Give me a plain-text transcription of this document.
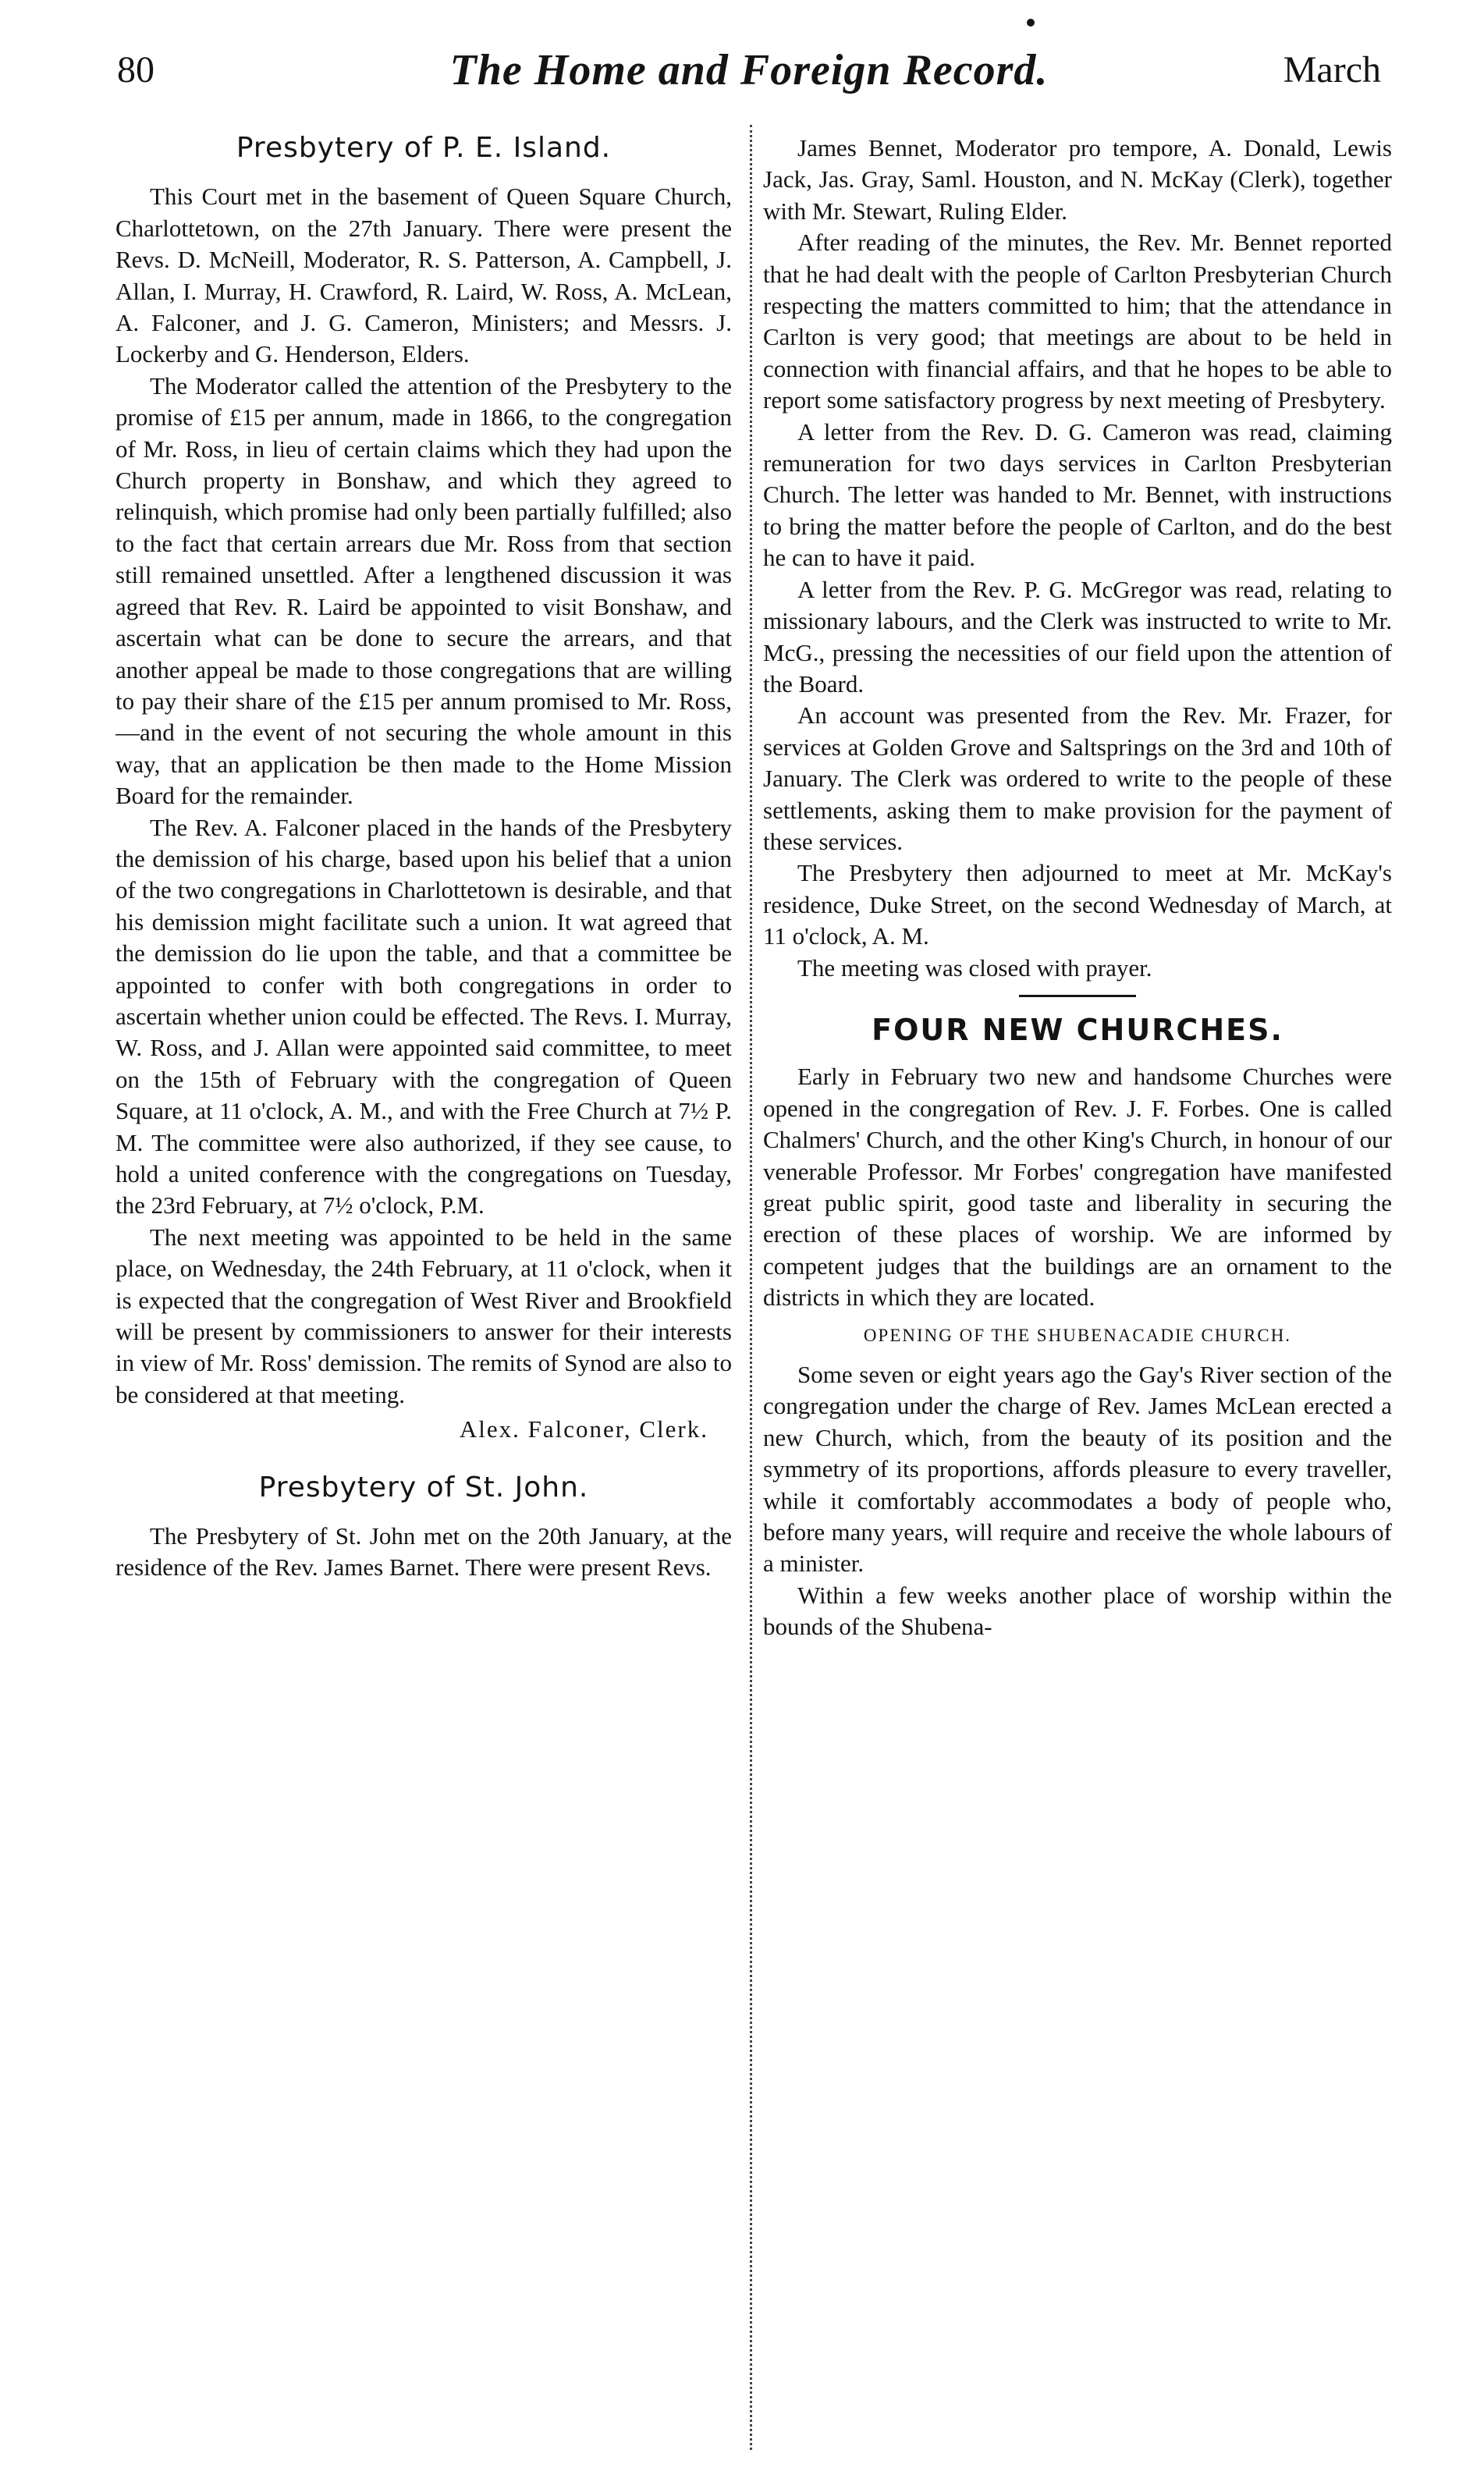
80	The Home and Foreign Record.	March
Presbytery of P. E. Island.

This Court met in the basement of Queen Square Church, Charlottetown, on the 27th January. There were present the Revs. D. McNeill, Moderator, R. S. Patterson, A. Campbell, J. Allan, I. Murray, H. Crawford, R. Laird, W. Ross, A. McLean, A. Falconer, and J. G. Cameron, Ministers; and Messrs. J. Lockerby and G. Henderson, Elders.

The Moderator called the attention of the Presbytery to the promise of £15 per annum, made in 1866, to the congregation of Mr. Ross, in lieu of certain claims which they had upon the Church property in Bonshaw, and which they agreed to relinquish, which promise had only been partially fulfilled; also to the fact that certain arrears due Mr. Ross from that section still remained unsettled. After a lengthened discussion it was agreed that Rev. R. Laird be appointed to visit Bonshaw, and ascertain what can be done to secure the arrears, and that another appeal be made to those congregations that are willing to pay their share of the £15 per annum promised to Mr. Ross,—and in the event of not securing the whole amount in this way, that an application be then made to the Home Mission Board for the remainder.

The Rev. A. Falconer placed in the hands of the Presbytery the demission of his charge, based upon his belief that a union of the two congregations in Charlottetown is desirable, and that his demission might facilitate such a union. It wat agreed that the demission do lie upon the table, and that a committee be appointed to confer with both congregations in order to ascertain whether union could be effected. The Revs. I. Murray, W. Ross, and J. Allan were appointed said committee, to meet on the 15th of February with the congregation of Queen Square, at 11 o'clock, A. M., and with the Free Church at 7½ P. M. The committee were also authorized, if they see cause, to hold a united conference with the congregations on Tuesday, the 23rd February, at 7½ o'clock, P.M.

The next meeting was appointed to be held in the same place, on Wednesday, the 24th February, at 11 o'clock, when it is expected that the congregation of West River and Brookfield will be present by commissioners to answer for their interests in view of Mr. Ross' demission. The remits of Synod are also to be considered at that meeting.

Alex. Falconer, Clerk.
Presbytery of St. John.

The Presbytery of St. John met on the 20th January, at the residence of the Rev. James Barnet. There were present Revs.

James Bennet, Moderator pro tempore, A. Donald, Lewis Jack, Jas. Gray, Saml. Houston, and N. McKay (Clerk), together with Mr. Stewart, Ruling Elder.

After reading of the minutes, the Rev. Mr. Bennet reported that he had dealt with the people of Carlton Presbyterian Church respecting the matters committed to him; that the attendance in Carlton is very good; that meetings are about to be held in connection with financial affairs, and that he hopes to be able to report some satisfactory progress by next meeting of Presbytery.

A letter from the Rev. D. G. Cameron was read, claiming remuneration for two days services in Carlton Presbyterian Church. The letter was handed to Mr. Bennet, with instructions to bring the matter before the people of Carlton, and do the best he can to have it paid.

A letter from the Rev. P. G. McGregor was read, relating to missionary labours, and the Clerk was instructed to write to Mr. McG., pressing the necessities of our field upon the attention of the Board.

An account was presented from the Rev. Mr. Frazer, for services at Golden Grove and Saltsprings on the 3rd and 10th of January. The Clerk was ordered to write to the people of these settlements, asking them to make provision for the payment of these services.

The Presbytery then adjourned to meet at Mr. McKay's residence, Duke Street, on the second Wednesday of March, at 11 o'clock, A. M.

The meeting was closed with prayer.

FOUR NEW CHURCHES.

Early in February two new and handsome Churches were opened in the congregation of Rev. J. F. Forbes. One is called Chalmers' Church, and the other King's Church, in honour of our venerable Professor. Mr Forbes' congregation have manifested great public spirit, good taste and liberality in securing the erection of these places of worship. We are informed by competent judges that the buildings are an ornament to the districts in which they are located.

OPENING OF THE SHUBENACADIE CHURCH.

Some seven or eight years ago the Gay's River section of the congregation under the charge of Rev. James McLean erected a new Church, which, from the beauty of its position and the symmetry of its proportions, affords pleasure to every traveller, while it comfortably accommodates a body of people who, before many years, will require and receive the whole labours of a minister.

Within a few weeks another place of worship within the bounds of the Shubena-
